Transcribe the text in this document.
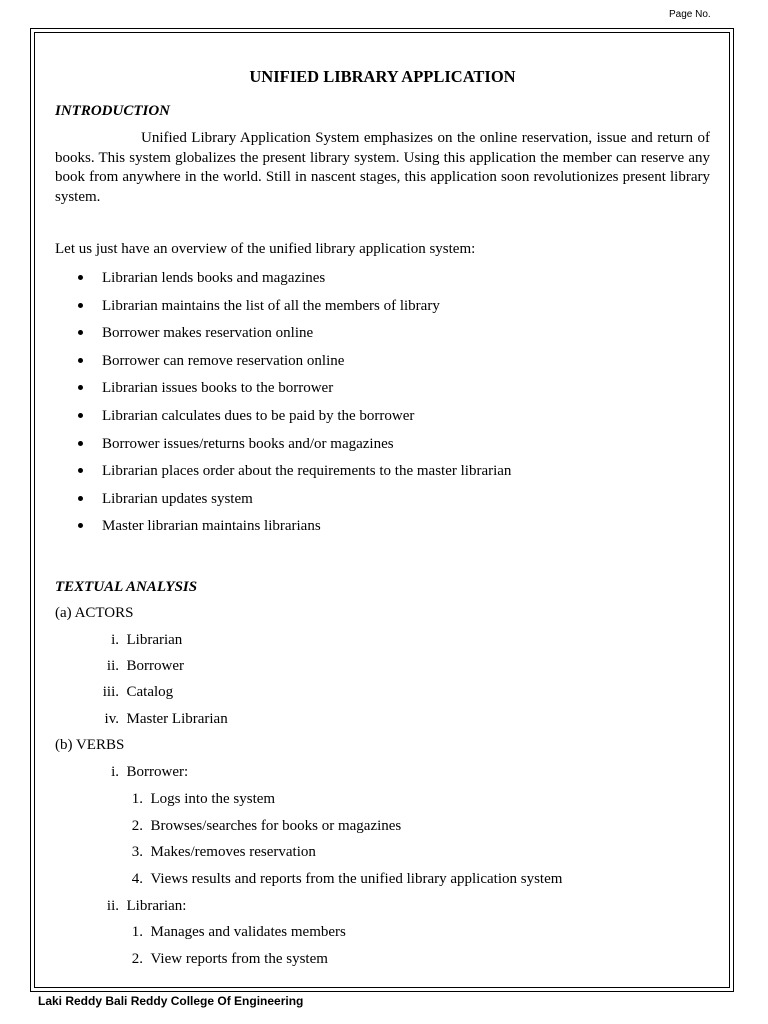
Page No.
UNIFIED LIBRARY APPLICATION
INTRODUCTION
Unified Library Application System emphasizes on the online reservation, issue and return of books. This system globalizes the present library system. Using this application the member can reserve any book from anywhere in the world. Still in nascent stages, this application soon revolutionizes present library system.
Let us just have an overview of the unified library application system:
Librarian lends books and magazines
Librarian maintains the list of all the members of library
Borrower makes reservation online
Borrower can remove reservation online
Librarian issues books to the borrower
Librarian calculates dues to be paid by the borrower
Borrower issues/returns books and/or magazines
Librarian places order about the requirements to the master librarian
Librarian updates system
Master librarian maintains librarians
TEXTUAL ANALYSIS
(a) ACTORS
i. Librarian
ii. Borrower
iii. Catalog
iv. Master Librarian
(b) VERBS
i. Borrower:
1. Logs into the system
2. Browses/searches for books or magazines
3. Makes/removes reservation
4. Views results and reports from the unified library application system
ii. Librarian:
1. Manages and validates members
2. View reports from the system
Laki Reddy Bali Reddy College Of Engineering
